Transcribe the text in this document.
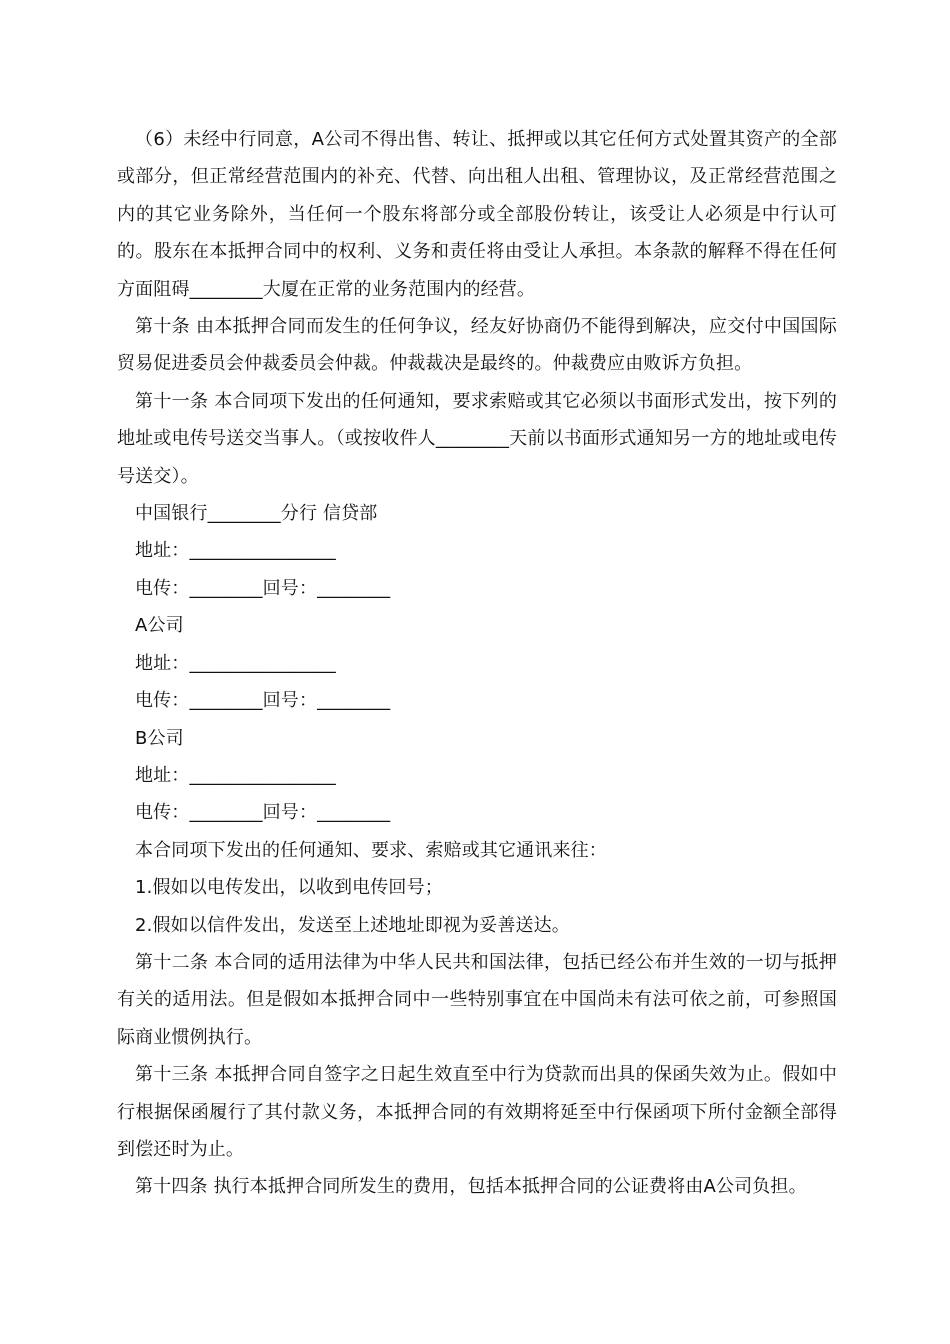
（6）未经中行同意，A公司不得出售、转让、抵押或以其它任何方式处置其资产的全部或部分，但正常经营范围内的补充、代替、向出租人出租、管理协议，及正常经营范围之内的其它业务除外，当任何一个股东将部分或全部股份转让，该受让人必须是中行认可的。股东在本抵押合同中的权利、义务和责任将由受让人承担。本条款的解释不得在任何方面阻碍________大厦在正常的业务范围内的经营。

第十条 由本抵押合同而发生的任何争议，经友好协商仍不能得到解决，应交付中国国际贸易促进委员会仲裁委员会仲裁。仲裁裁决是最终的。仲裁费应由败诉方负担。

第十一条 本合同项下发出的任何通知，要求索赔或其它必须以书面形式发出，按下列的地址或电传号送交当事人。（或按收件人________天前以书面形式通知另一方的地址或电传号送交）。

中国银行________分行 信贷部

地址：________________

电传：________回号：________

A公司

地址：________________

电传：________回号：________

B公司

地址：________________

电传：________回号：________

本合同项下发出的任何通知、要求、索赔或其它通讯来往：

1.假如以电传发出，以收到电传回号；

2.假如以信件发出，发送至上述地址即视为妥善送达。

第十二条 本合同的适用法律为中华人民共和国法律，包括已经公布并生效的一切与抵押有关的适用法。但是假如本抵押合同中一些特别事宜在中国尚未有法可依之前，可参照国际商业惯例执行。

第十三条 本抵押合同自签字之日起生效直至中行为贷款而出具的保函失效为止。假如中行根据保函履行了其付款义务，本抵押合同的有效期将延至中行保函项下所付金额全部得到偿还时为止。

第十四条 执行本抵押合同所发生的费用，包括本抵押合同的公证费将由A公司负担。
